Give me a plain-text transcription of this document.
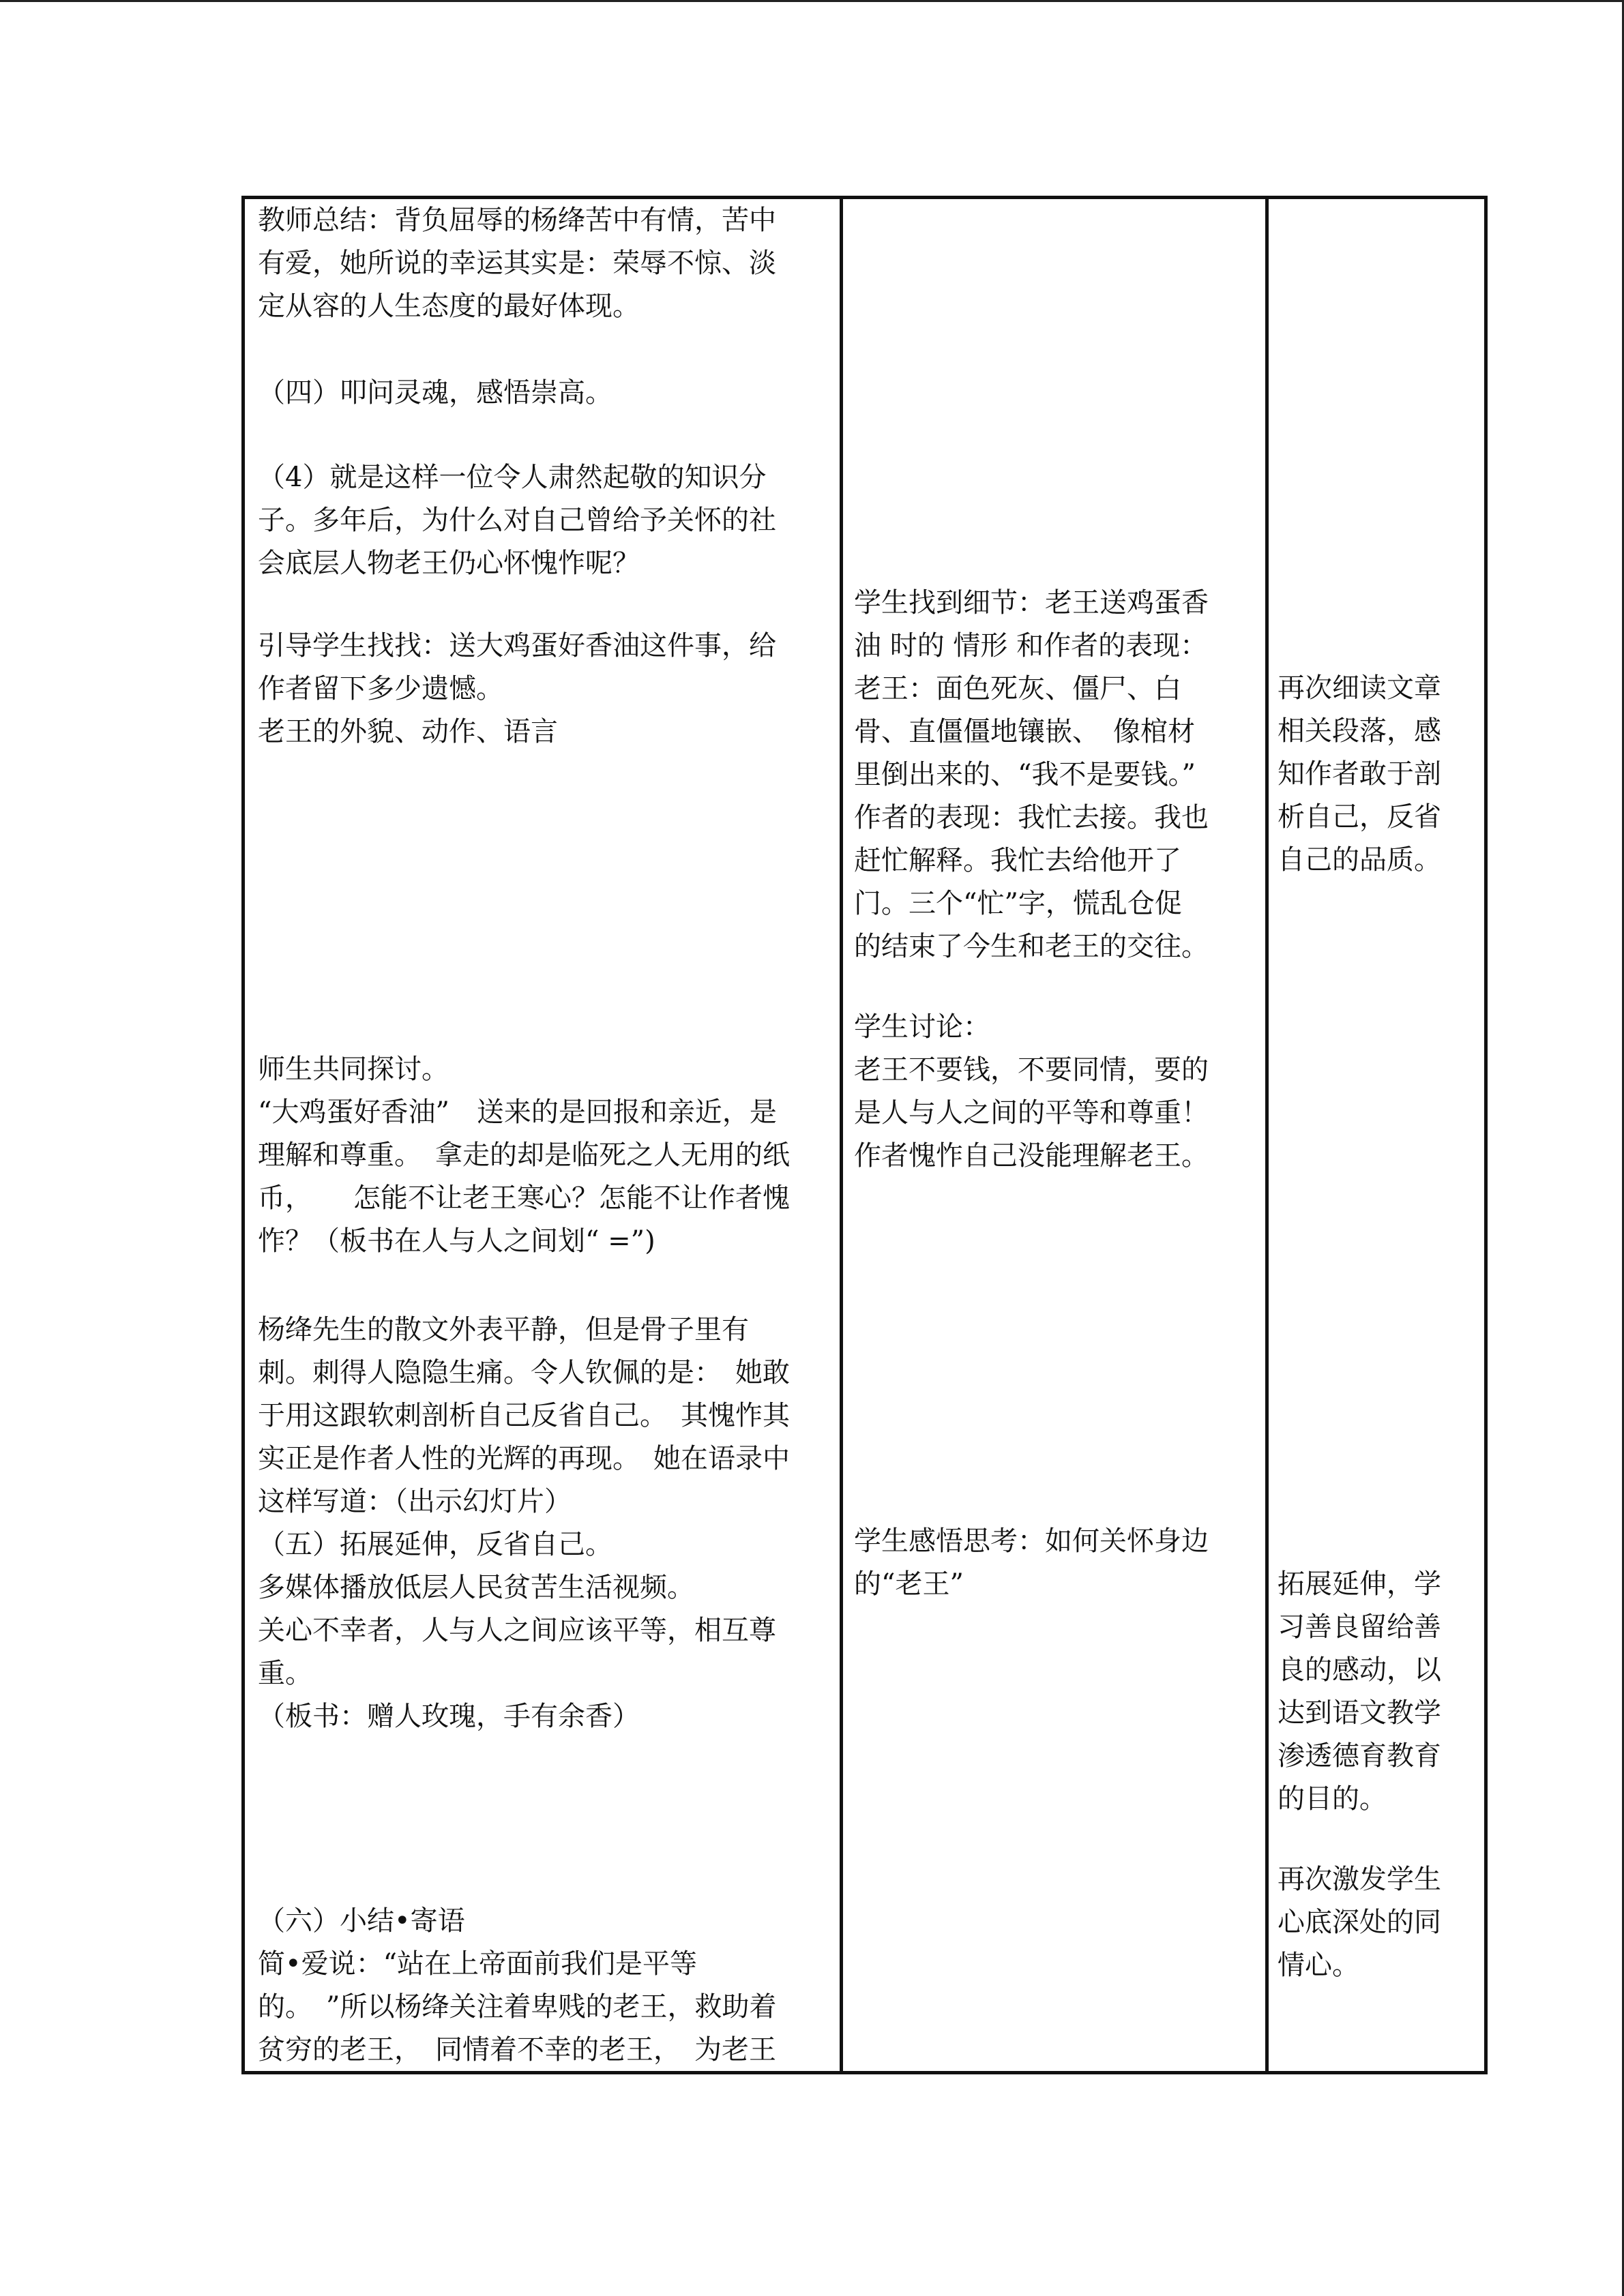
教师总结：背负屈辱的杨绛苦中有情，苦中
有爱，她所说的幸运其实是：荣辱不惊、淡
定从容的人生态度的最好体现。
（四）叩问灵魂，感悟崇高。
（4）就是这样一位令人肃然起敬的知识分
子。多年后，为什么对自己曾给予关怀的社
会底层人物老王仍心怀愧怍呢？
引导学生找找：送大鸡蛋好香油这件事，给
作者留下多少遗憾。
老王的外貌、动作、语言
师生共同探讨。
“大鸡蛋好香油”　送来的是回报和亲近，是
理解和尊重。　拿走的却是临死之人无用的纸
币，　　怎能不让老王寒心？怎能不让作者愧
怍？（板书在人与人之间划“ =”)
杨绛先生的散文外表平静，但是骨子里有
刺。刺得人隐隐生痛。令人钦佩的是：　她敢
于用这跟软刺剖析自己反省自己。　其愧怍其
实正是作者人性的光辉的再现。　她在语录中
这样写道：（出示幻灯片）
（五）拓展延伸，反省自己。
多媒体播放低层人民贫苦生活视频。
关心不幸者，人与人之间应该平等，相互尊
重。
（板书：赠人玫瑰，手有余香）
（六）小结•寄语
简•爱说：“站在上帝面前我们是平等
的。　”所以杨绛关注着卑贱的老王，救助着
贫穷的老王，　同情着不幸的老王，　为老王
学生找到细节：老王送鸡蛋香
油 时的 情形 和作者的表现：
老王：面色死灰、僵尸、白
骨、直僵僵地镶嵌、　像棺材
里倒出来的、“我不是要钱。”
作者的表现：我忙去接。我也
赶忙解释。我忙去给他开了
门。三个“忙”字，慌乱仓促
的结束了今生和老王的交往。
学生讨论：
老王不要钱，不要同情，要的
是人与人之间的平等和尊重！
作者愧怍自己没能理解老王。
学生感悟思考：如何关怀身边
的“老王”
再次细读文章
相关段落，感
知作者敢于剖
析自己，反省
自己的品质。
拓展延伸，学
习善良留给善
良的感动，以
达到语文教学
渗透德育教育
的目的。
再次激发学生
心底深处的同
情心。
